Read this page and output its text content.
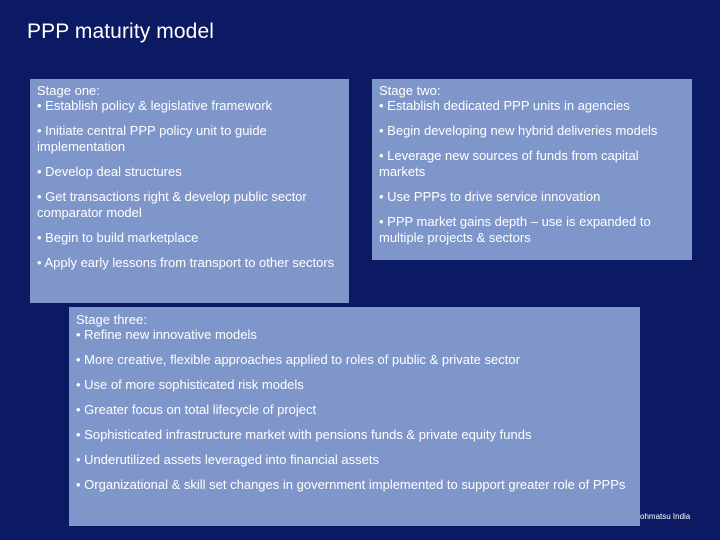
PPP maturity model
Stage one:
• Establish policy & legislative framework
• Initiate central PPP policy unit to guide implementation
• Develop deal structures
• Get transactions right & develop public sector comparator model
• Begin to build marketplace
• Apply early lessons from transport to other sectors
Stage two:
• Establish dedicated PPP units in agencies
• Begin developing new hybrid deliveries models
• Leverage new sources of funds from capital markets
• Use PPPs to drive service innovation
• PPP market gains depth – use is expanded to multiple projects & sectors
Stage three:
• Refine new innovative models
• More creative, flexible approaches applied to roles of public & private sector
• Use of more sophisticated risk models
• Greater focus on total lifecycle of project
• Sophisticated infrastructure market with pensions funds & private equity funds
• Underutilized assets leveraged into financial assets
• Organizational & skill set changes in government implemented to support greater role of PPPs
ohmatsu India
